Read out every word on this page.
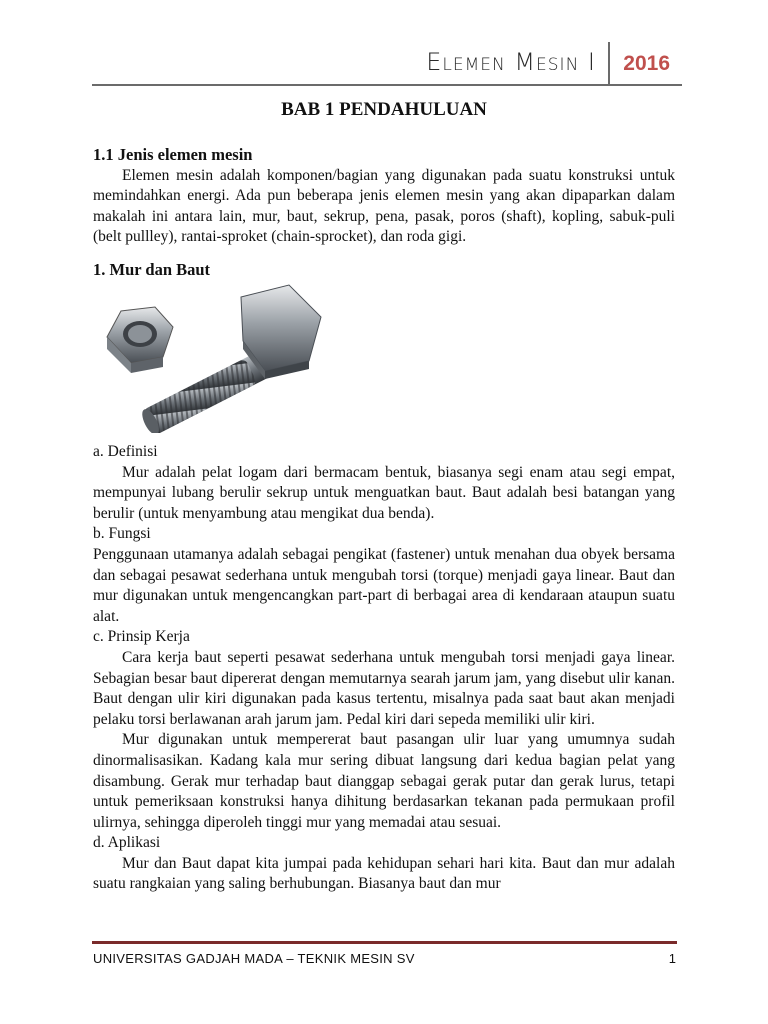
Elemen Mesin I 2016
BAB 1 PENDAHULUAN
1.1 Jenis elemen mesin

Elemen mesin adalah komponen/bagian yang digunakan pada suatu konstruksi untuk memindahkan energi. Ada pun beberapa jenis elemen mesin yang akan dipaparkan dalam makalah ini antara lain, mur, baut, sekrup, pena, pasak, poros (shaft), kopling, sabuk-puli (belt pullley), rantai-sproket (chain-sprocket), dan roda gigi.

1. Mur dan Baut

a. Definisi

Mur adalah pelat logam dari bermacam bentuk, biasanya segi enam atau segi empat, mempunyai lubang berulir sekrup untuk menguatkan baut. Baut adalah besi batangan yang berulir (untuk menyambung atau mengikat dua benda).

b. Fungsi

Penggunaan utamanya adalah sebagai pengikat (fastener) untuk menahan dua obyek bersama dan sebagai pesawat sederhana untuk mengubah torsi (torque) menjadi gaya linear. Baut dan mur digunakan untuk mengencangkan part-part di berbagai area di kendaraan ataupun suatu alat.

c. Prinsip Kerja

Cara kerja baut seperti pesawat sederhana untuk mengubah torsi menjadi gaya linear. Sebagian besar baut dipererat dengan memutarnya searah jarum jam, yang disebut ulir kanan. Baut dengan ulir kiri digunakan pada kasus tertentu, misalnya pada saat baut akan menjadi pelaku torsi berlawanan arah jarum jam. Pedal kiri dari sepeda memiliki ulir kiri.

Mur digunakan untuk mempererat baut pasangan ulir luar yang umumnya sudah dinormalisasikan. Kadang kala mur sering dibuat langsung dari kedua bagian pelat yang disambung. Gerak mur terhadap baut dianggap sebagai gerak putar dan gerak lurus, tetapi untuk pemeriksaan konstruksi hanya dihitung berdasarkan tekanan pada permukaan profil ulirnya, sehingga diperoleh tinggi mur yang memadai atau sesuai.

d. Aplikasi

Mur dan Baut dapat kita jumpai pada kehidupan sehari hari kita. Baut dan mur adalah suatu rangkaian yang saling berhubungan. Biasanya baut dan mur

UNIVERSITAS GADJAH MADA – TEKNIK MESIN SV	1
